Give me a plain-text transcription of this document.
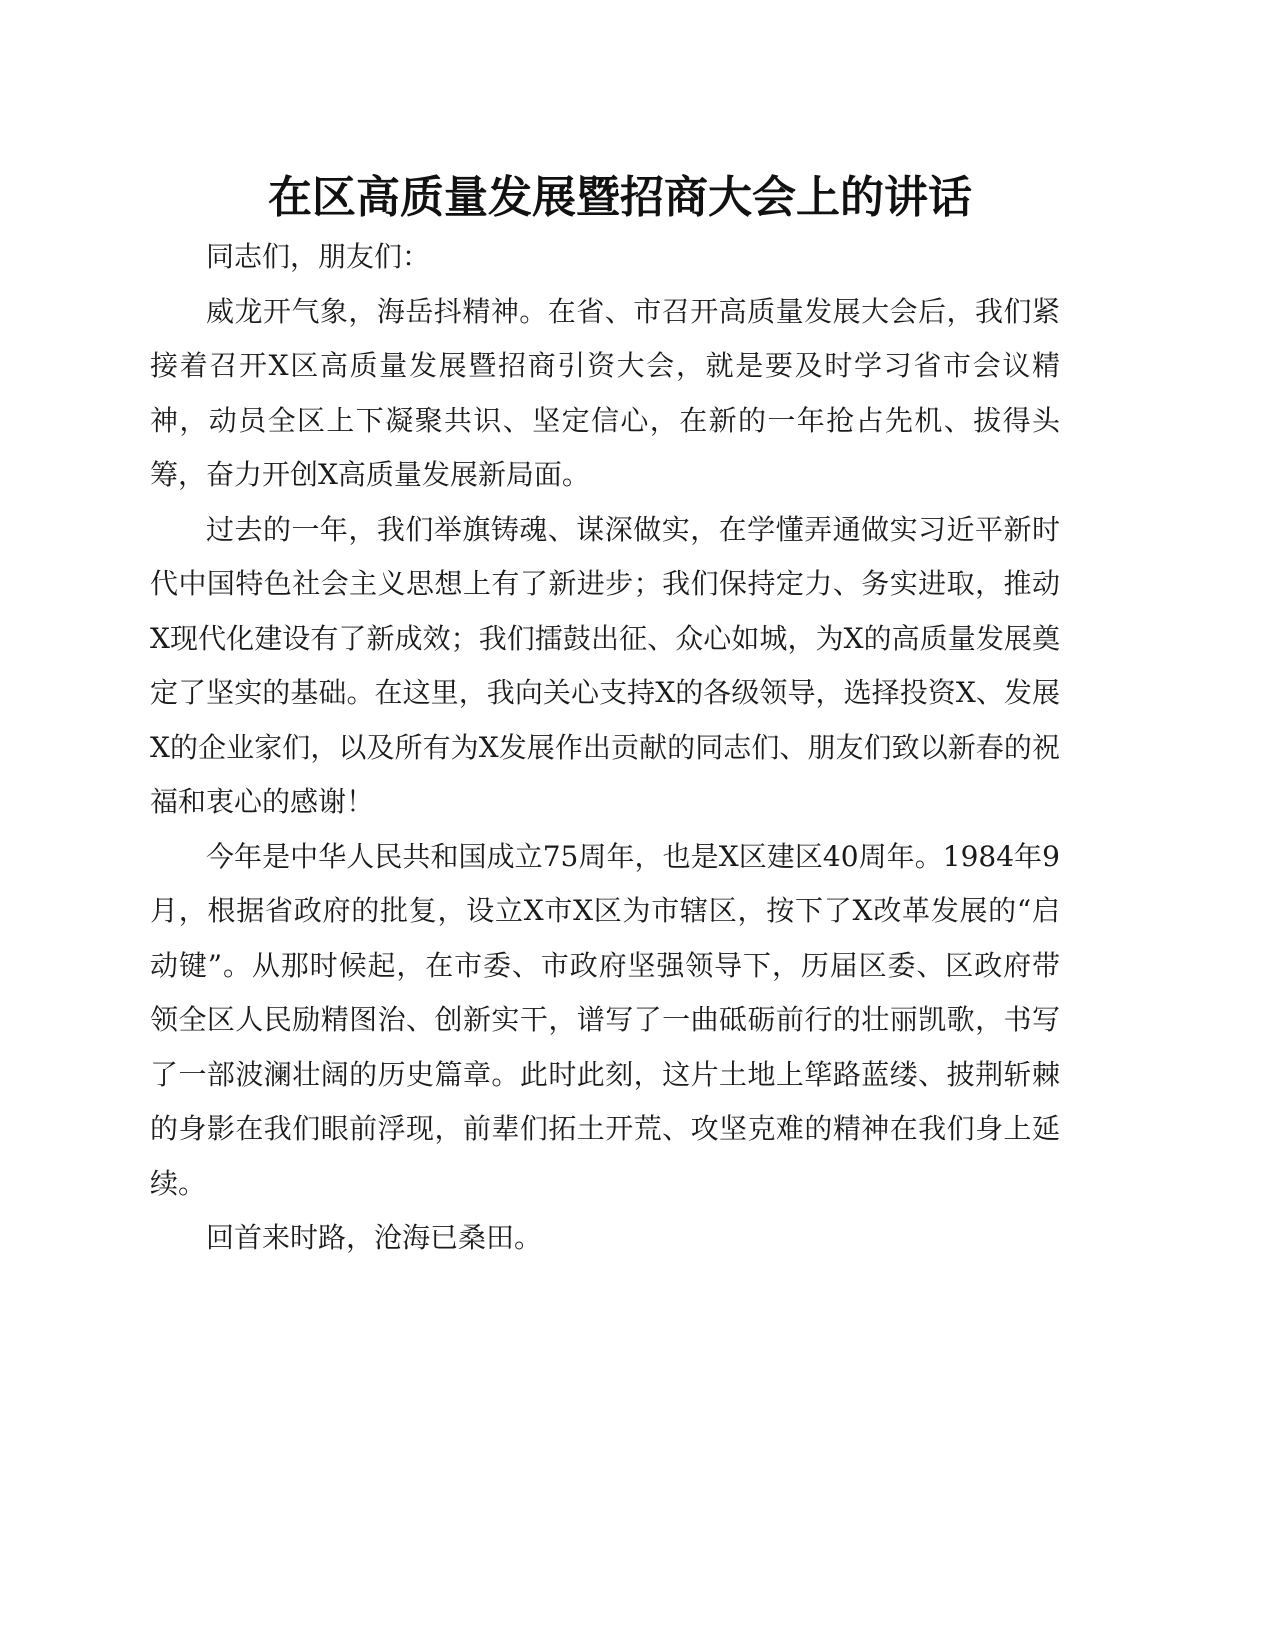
在区高质量发展暨招商大会上的讲话

同志们，朋友们：

威龙开气象，海岳抖精神。在省、市召开高质量发展大会后，我们紧接着召开X区高质量发展暨招商引资大会，就是要及时学习省市会议精神，动员全区上下凝聚共识、坚定信心，在新的一年抢占先机、拔得头筹，奋力开创X高质量发展新局面。

过去的一年，我们举旗铸魂、谋深做实，在学懂弄通做实习近平新时代中国特色社会主义思想上有了新进步；我们保持定力、务实进取，推动X现代化建设有了新成效；我们擂鼓出征、众心如城，为X的高质量发展奠定了坚实的基础。在这里，我向关心支持X的各级领导，选择投资X、发展X的企业家们，以及所有为X发展作出贡献的同志们、朋友们致以新春的祝福和衷心的感谢！

今年是中华人民共和国成立75周年，也是X区建区40周年。1984年9月，根据省政府的批复，设立X市X区为市辖区，按下了X改革发展的“启动键”。从那时候起，在市委、市政府坚强领导下，历届区委、区政府带领全区人民励精图治、创新实干，谱写了一曲砥砺前行的壮丽凯歌，书写了一部波澜壮阔的历史篇章。此时此刻，这片土地上筚路蓝缕、披荆斩棘的身影在我们眼前浮现，前辈们拓土开荒、攻坚克难的精神在我们身上延续。

回首来时路，沧海已桑田。
